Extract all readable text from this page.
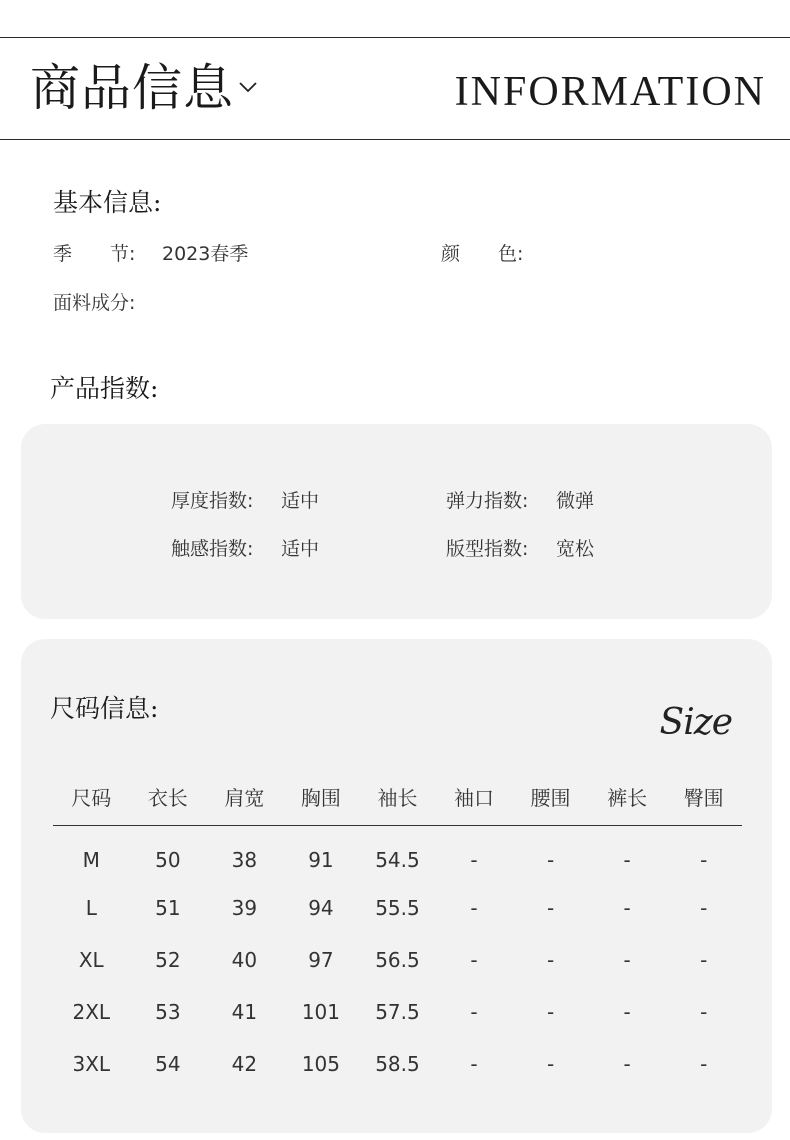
商品信息	INFORMATION
基本信息:
季　　节: 2023春季	颜　　色:
面料成分:
产品指数:
厚度指数: 适中	弹力指数: 微弹
触感指数: 适中	版型指数: 宽松
尺码信息:	Size
尺码	衣长	肩宽	胸围	袖长	袖口	腰围	裤长	臀围
M	50	38	91	54.5	-	-	-	-
L	51	39	94	55.5	-	-	-	-
XL	52	40	97	56.5	-	-	-	-
2XL	53	41	101	57.5	-	-	-	-
3XL	54	42	105	58.5	-	-	-	-
